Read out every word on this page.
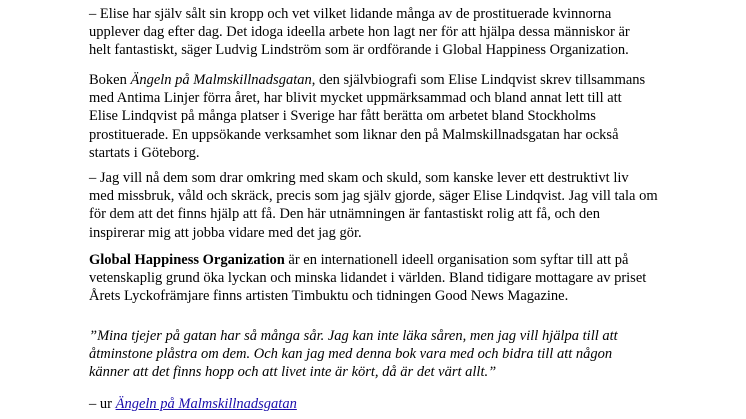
– Elise har själv sålt sin kropp och vet vilket lidande många av de prostituerade kvinnorna
upplever dag efter dag. Det idoga ideella arbete hon lagt ner för att hjälpa dessa människor är
helt fantastiskt, säger Ludvig Lindström som är ordförande i Global Happiness Organization.

Boken Ängeln på Malmskillnadsgatan, den självbiografi som Elise Lindqvist skrev tillsammans
med Antima Linjer förra året, har blivit mycket uppmärksammad och bland annat lett till att
Elise Lindqvist på många platser i Sverige har fått berätta om arbetet bland Stockholms
prostituerade. En uppsökande verksamhet som liknar den på Malmskillnadsgatan har också
startats i Göteborg.

– Jag vill nå dem som drar omkring med skam och skuld, som kanske lever ett destruktivt liv
med missbruk, våld och skräck, precis som jag själv gjorde, säger Elise Lindqvist. Jag vill tala om
för dem att det finns hjälp att få. Den här utnämningen är fantastiskt rolig att få, och den
inspirerar mig att jobba vidare med det jag gör.

Global Happiness Organization är en internationell ideell organisation som syftar till att på
vetenskaplig grund öka lyckan och minska lidandet i världen. Bland tidigare mottagare av priset
Årets Lyckofrämjare finns artisten Timbuktu och tidningen Good News Magazine.

”Mina tjejer på gatan har så många sår. Jag kan inte läka såren, men jag vill hjälpa till att
åtminstone plåstra om dem. Och kan jag med denna bok vara med och bidra till att någon
känner att det finns hopp och att livet inte är kört, då är det värt allt.”

– ur Ängeln på Malmskillnadsgatan
